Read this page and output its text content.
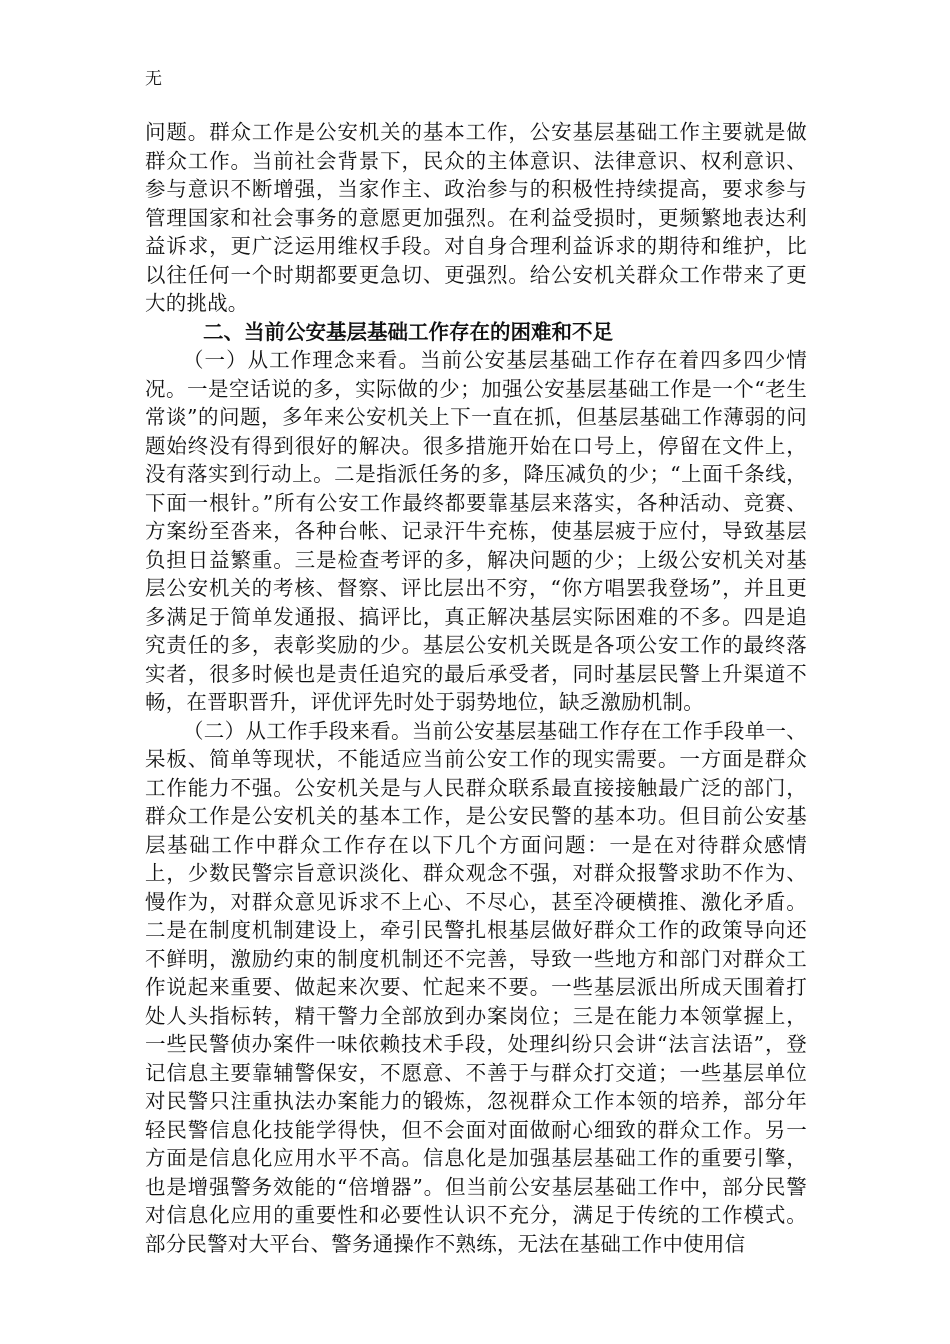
无

问题。群众工作是公安机关的基本工作，公安基层基础工作主要就是做群众工作。当前社会背景下，民众的主体意识、法律意识、权利意识、参与意识不断增强，当家作主、政治参与的积极性持续提高，要求参与管理国家和社会事务的意愿更加强烈。在利益受损时，更频繁地表达利益诉求，更广泛运用维权手段。对自身合理利益诉求的期待和维护，比以往任何一个时期都要更急切、更强烈。给公安机关群众工作带来了更大的挑战。

二、当前公安基层基础工作存在的困难和不足

（一）从工作理念来看。当前公安基层基础工作存在着四多四少情况。一是空话说的多，实际做的少；加强公安基层基础工作是一个“老生常谈”的问题，多年来公安机关上下一直在抓，但基层基础工作薄弱的问题始终没有得到很好的解决。很多措施开始在口号上，停留在文件上，没有落实到行动上。二是指派任务的多，降压减负的少；“上面千条线，下面一根针。”所有公安工作最终都要靠基层来落实，各种活动、竞赛、方案纷至沓来，各种台帐、记录汗牛充栋，使基层疲于应付，导致基层负担日益繁重。三是检查考评的多，解决问题的少；上级公安机关对基层公安机关的考核、督察、评比层出不穷，“你方唱罢我登场”，并且更多满足于简单发通报、搞评比，真正解决基层实际困难的不多。四是追究责任的多，表彰奖励的少。基层公安机关既是各项公安工作的最终落实者，很多时候也是责任追究的最后承受者，同时基层民警上升渠道不畅，在晋职晋升，评优评先时处于弱势地位，缺乏激励机制。

（二）从工作手段来看。当前公安基层基础工作存在工作手段单一、呆板、简单等现状，不能适应当前公安工作的现实需要。一方面是群众工作能力不强。公安机关是与人民群众联系最直接接触最广泛的部门，群众工作是公安机关的基本工作，是公安民警的基本功。但目前公安基层基础工作中群众工作存在以下几个方面问题：一是在对待群众感情上，少数民警宗旨意识淡化、群众观念不强，对群众报警求助不作为、慢作为，对群众意见诉求不上心、不尽心，甚至冷硬横推、激化矛盾。二是在制度机制建设上，牵引民警扎根基层做好群众工作的政策导向还不鲜明，激励约束的制度机制还不完善，导致一些地方和部门对群众工作说起来重要、做起来次要、忙起来不要。一些基层派出所成天围着打处人头指标转，精干警力全部放到办案岗位；三是在能力本领掌握上，一些民警侦办案件一味依赖技术手段，处理纠纷只会讲“法言法语”，登记信息主要靠辅警保安，不愿意、不善于与群众打交道；一些基层单位对民警只注重执法办案能力的锻炼，忽视群众工作本领的培养，部分年轻民警信息化技能学得快，但不会面对面做耐心细致的群众工作。另一方面是信息化应用水平不高。信息化是加强基层基础工作的重要引擎，也是增强警务效能的“倍增器”。但当前公安基层基础工作中，部分民警对信息化应用的重要性和必要性认识不充分，满足于传统的工作模式。部分民警对大平台、警务通操作不熟练，无法在基础工作中使用信
